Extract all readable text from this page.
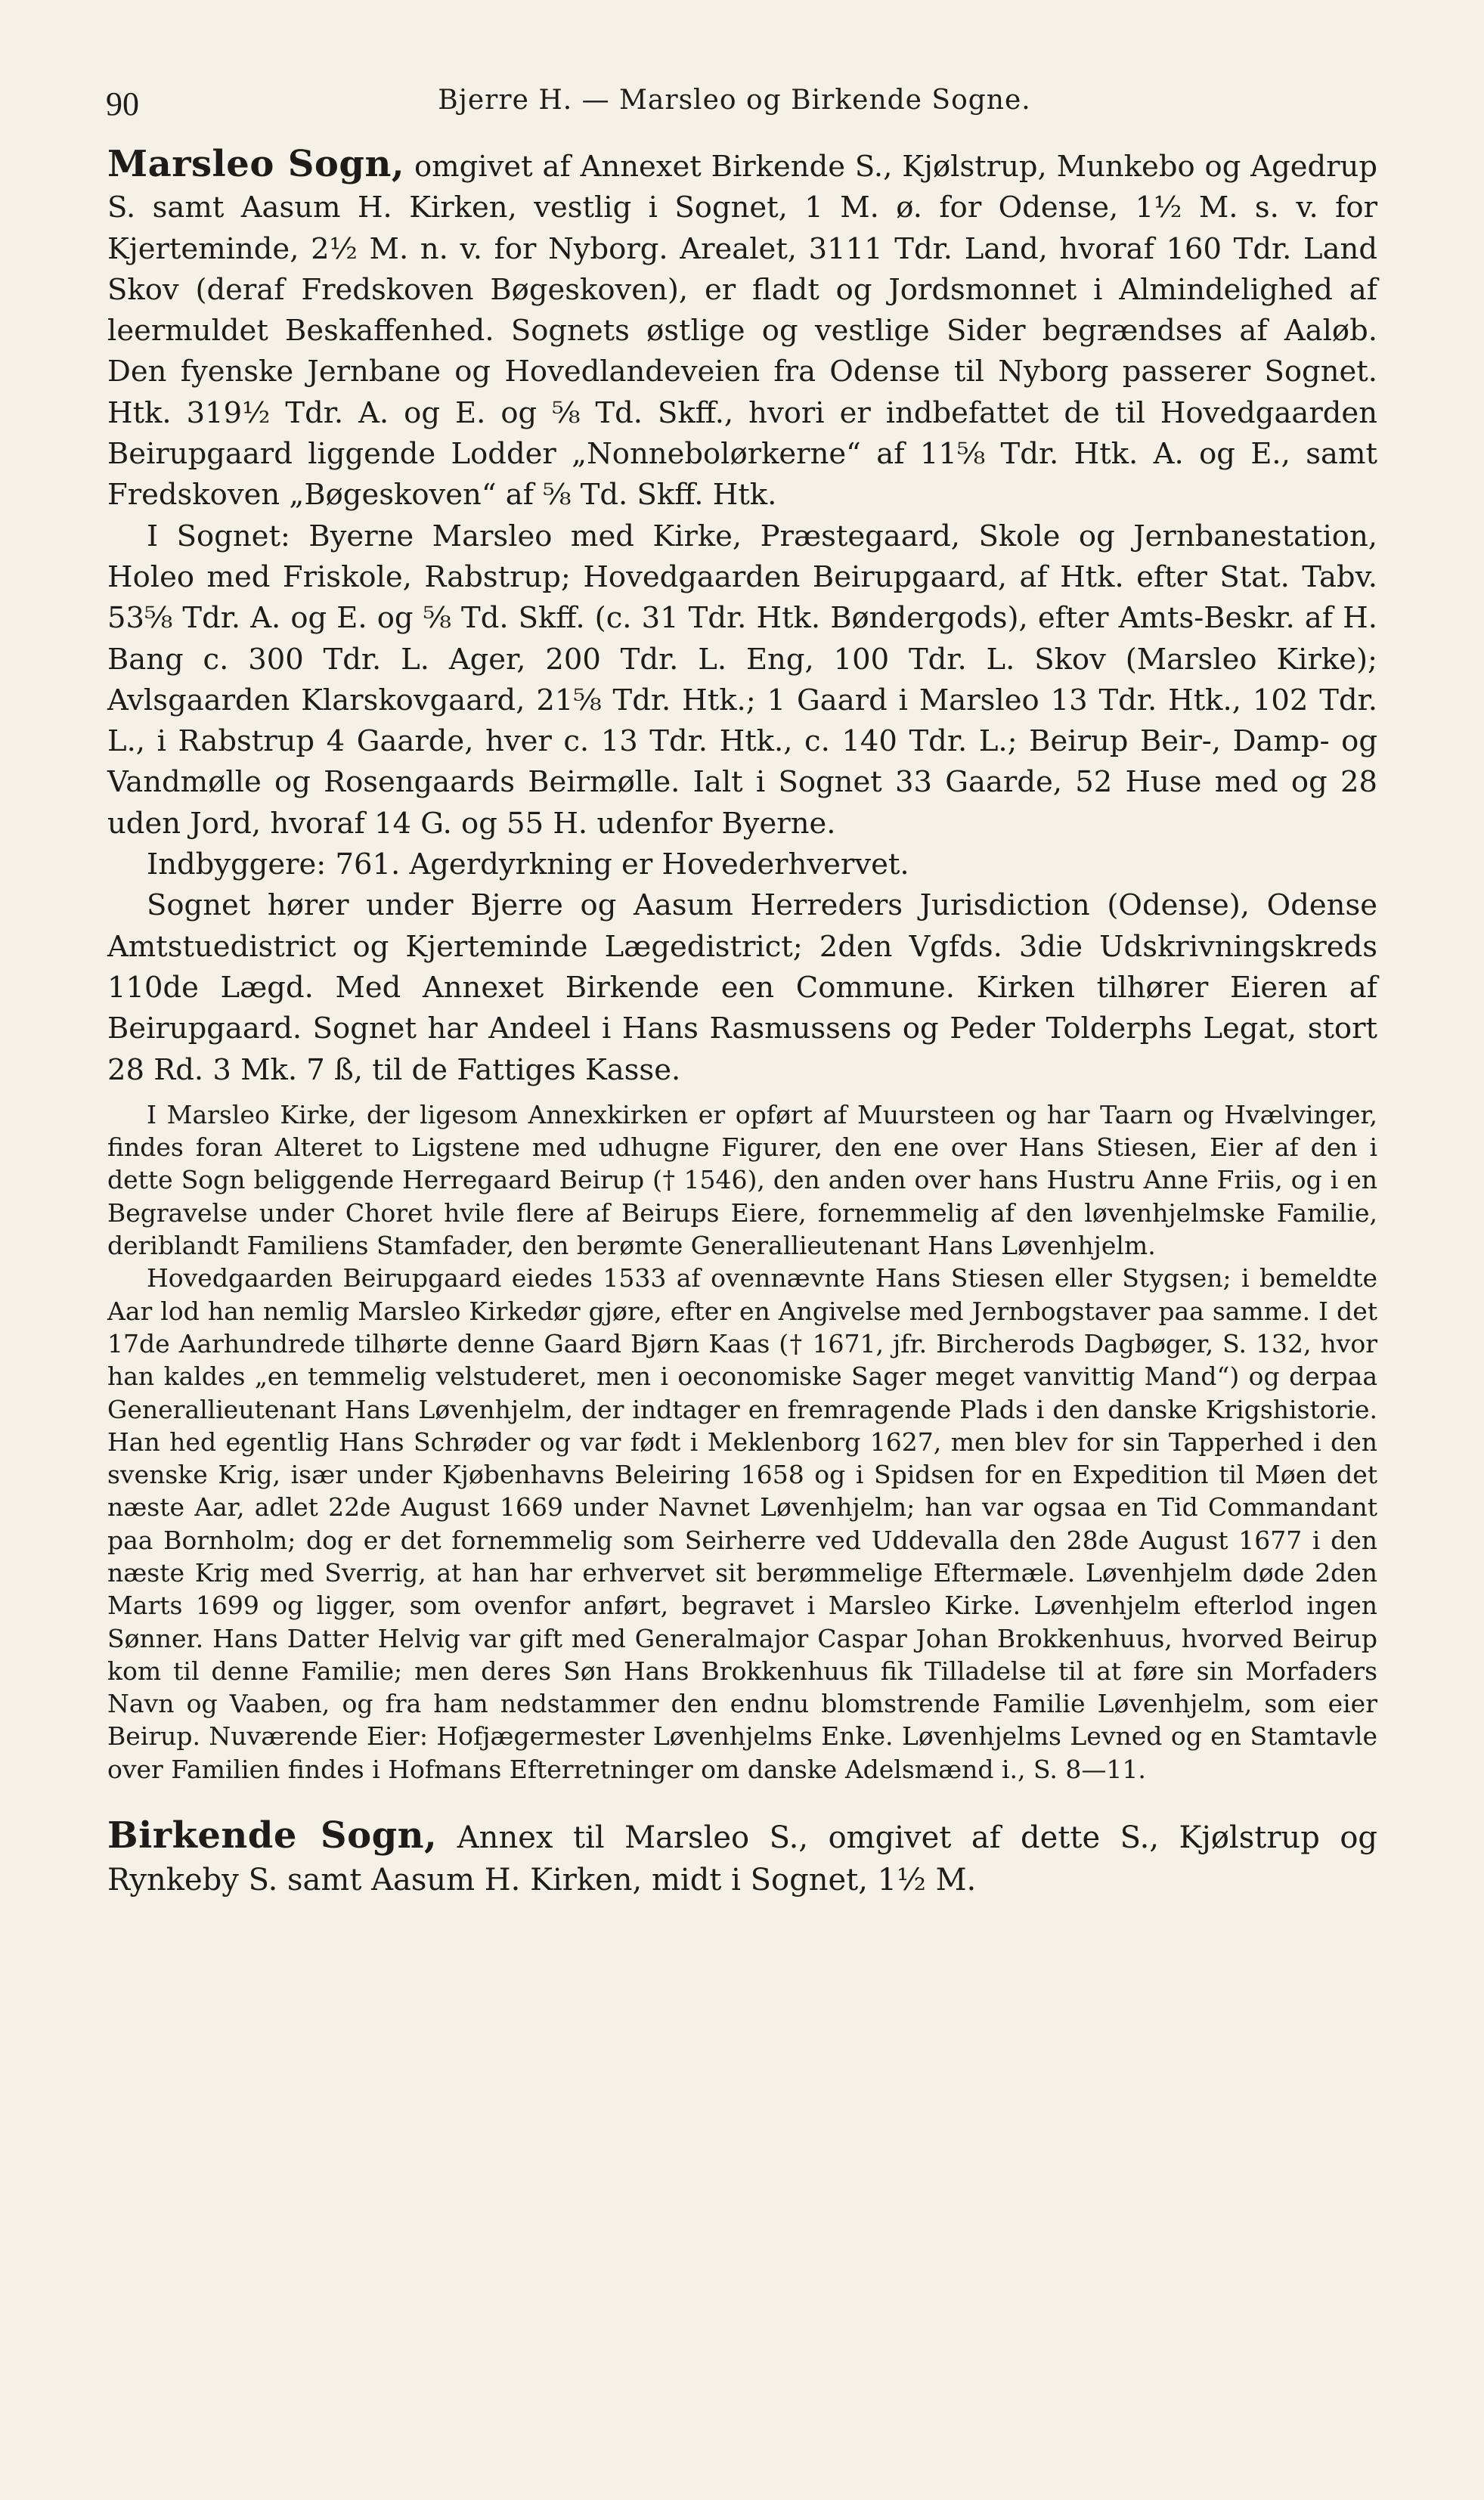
90	Bjerre H. — Marsleo og Birkende Sogne.

Marsleo Sogn, omgivet af Annexet Birkende S., Kjølstrup, Munkebo og Agedrup S. samt Aasum H. Kirken, vestlig i Sognet, 1 M. ø. for Odense, 1½ M. s. v. for Kjerteminde, 2½ M. n. v. for Nyborg. Arealet, 3111 Tdr. Land, hvoraf 160 Tdr. Land Skov (deraf Fredskoven Bøgeskoven), er fladt og Jordsmonnet i Almindelighed af leermuldet Beskaffenhed. Sognets østlige og vestlige Sider begrændses af Aaløb. Den fyenske Jernbane og Hovedlandeveien fra Odense til Nyborg passerer Sognet. Htk. 319½ Tdr. A. og E. og ⅝ Td. Skff., hvori er indbefattet de til Hovedgaarden Beirupgaard liggende Lodder „Nonnebolørkerne“ af 11⅝ Tdr. Htk. A. og E., samt Fredskoven „Bøgeskoven“ af ⅝ Td. Skff. Htk.

I Sognet: Byerne Marsleo med Kirke, Præstegaard, Skole og Jernbanestation, Holeo med Friskole, Rabstrup; Hovedgaarden Beirupgaard, af Htk. efter Stat. Tabv. 53⅝ Tdr. A. og E. og ⅝ Td. Skff. (c. 31 Tdr. Htk. Bøndergods), efter Amts-Beskr. af H. Bang c. 300 Tdr. L. Ager, 200 Tdr. L. Eng, 100 Tdr. L. Skov (Marsleo Kirke); Avlsgaarden Klarskovgaard, 21⅝ Tdr. Htk.; 1 Gaard i Marsleo 13 Tdr. Htk., 102 Tdr. L., i Rabstrup 4 Gaarde, hver c. 13 Tdr. Htk., c. 140 Tdr. L.; Beirup Beir-, Damp- og Vandmølle og Rosengaards Beirmølle. Ialt i Sognet 33 Gaarde, 52 Huse med og 28 uden Jord, hvoraf 14 G. og 55 H. udenfor Byerne.

Indbyggere: 761. Agerdyrkning er Hovederhvervet.

Sognet hører under Bjerre og Aasum Herreders Jurisdiction (Odense), Odense Amtstuedistrict og Kjerteminde Lægedistrict; 2den Vgfds. 3die Udskrivningskreds 110de Lægd. Med Annexet Birkende een Commune. Kirken tilhører Eieren af Beirupgaard. Sognet har Andeel i Hans Rasmussens og Peder Tolderphs Legat, stort 28 Rd. 3 Mk. 7 ß, til de Fattiges Kasse.

I Marsleo Kirke, der ligesom Annexkirken er opført af Muursteen og har Taarn og Hvælvinger, findes foran Alteret to Ligstene med udhugne Figurer, den ene over Hans Stiesen, Eier af den i dette Sogn beliggende Herregaard Beirup († 1546), den anden over hans Hustru Anne Friis, og i en Begravelse under Choret hvile flere af Beirups Eiere, fornemmelig af den løvenhjelmske Familie, deriblandt Familiens Stamfader, den berømte Generallieutenant Hans Løvenhjelm.

Hovedgaarden Beirupgaard eiedes 1533 af ovennævnte Hans Stiesen eller Stygsen; i bemeldte Aar lod han nemlig Marsleo Kirkedør gjøre, efter en Angivelse med Jernbogstaver paa samme. I det 17de Aarhundrede tilhørte denne Gaard Bjørn Kaas († 1671, jfr. Bircherods Dagbøger, S. 132, hvor han kaldes „en temmelig velstuderet, men i oeconomiske Sager meget vanvittig Mand“) og derpaa Generallieutenant Hans Løvenhjelm, der indtager en fremragende Plads i den danske Krigshistorie. Han hed egentlig Hans Schrøder og var født i Meklenborg 1627, men blev for sin Tapperhed i den svenske Krig, især under Kjøbenhavns Beleiring 1658 og i Spidsen for en Expedition til Møen det næste Aar, adlet 22de August 1669 under Navnet Løvenhjelm; han var ogsaa en Tid Commandant paa Bornholm; dog er det fornemmelig som Seirherre ved Uddevalla den 28de August 1677 i den næste Krig med Sverrig, at han har erhvervet sit berømmelige Eftermæle. Løvenhjelm døde 2den Marts 1699 og ligger, som ovenfor anført, begravet i Marsleo Kirke. Løvenhjelm efterlod ingen Sønner. Hans Datter Helvig var gift med Generalmajor Caspar Johan Brokkenhuus, hvorved Beirup kom til denne Familie; men deres Søn Hans Brokkenhuus fik Tilladelse til at føre sin Morfaders Navn og Vaaben, og fra ham nedstammer den endnu blomstrende Familie Løvenhjelm, som eier Beirup. Nuværende Eier: Hofjægermester Løvenhjelms Enke. Løvenhjelms Levned og en Stamtavle over Familien findes i Hofmans Efterretninger om danske Adelsmænd i., S. 8—11.

Birkende Sogn, Annex til Marsleo S., omgivet af dette S., Kjølstrup og Rynkeby S. samt Aasum H. Kirken, midt i Sognet, 1½ M.
